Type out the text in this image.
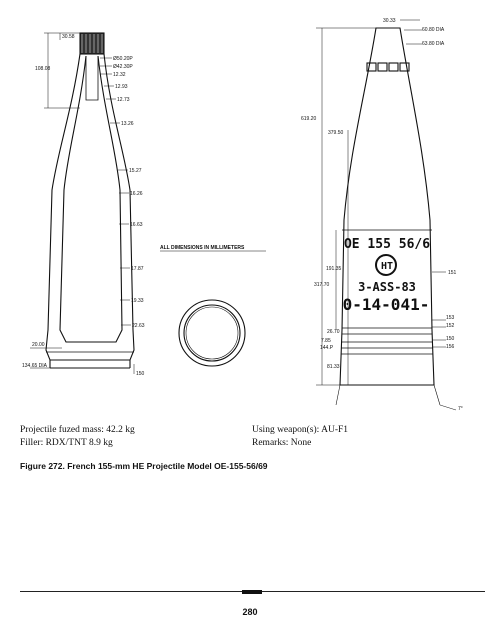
OE 155 56/6
HT
3-ASS-83
0-14-041-
ALL DIMENSIONS IN MILLIMETERS
30.58
108.08
Ø50.20P
Ø42.30P
12.32
12.93
12.73
13.26
15.27
16.26
16.63
17.87
19.33
22.63
20.00
134.65 DIA
150
30.33
60.80 DIA
63.80 DIA
619.20
379.50
191.35
317.70
26.70
7.85
144.P
81.33
151
153
152
150
156
7°
Projectile fuzed mass: 42.2 kg
Filler: RDX/TNT 8.9 kg
Using weapon(s): AU-F1
Remarks: None
Figure 272. French 155-mm HE Projectile Model OE-155-56/69
280
